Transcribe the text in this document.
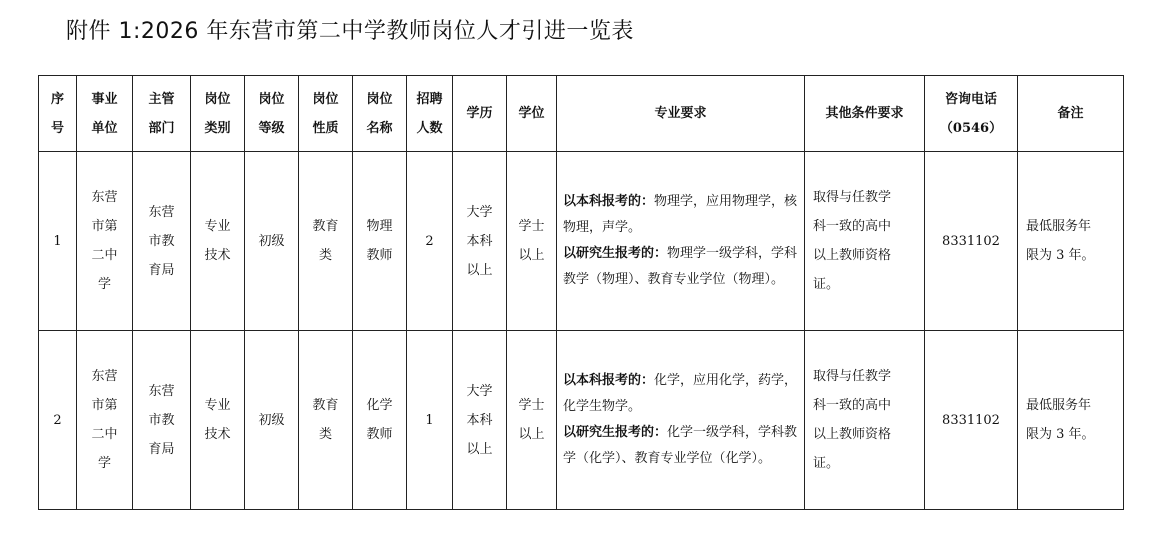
附件 1:2026 年东营市第二中学教师岗位人才引进一览表
序
号	事业
单位	主管
部门	岗位
类别	岗位
等级	岗位
性质	岗位
名称	招聘
人数	学历	学位	专业要求	其他条件要求	咨询电话
（0546）	备注

1	东营
市第
二中
学	东营
市教
育局	专业
技术	初级	教育
类	物理
教师	2	大学
本科
以上	学士
以上	以本科报考的：物理学，应用物理学，核物理，声学。
以研究生报考的：物理学一级学科，学科教学（物理）、教育专业学位（物理）。	取得与任教学
科一致的高中
以上教师资格
证。	8331102	最低服务年
限为 3 年。

2	东营
市第
二中
学	东营
市教
育局	专业
技术	初级	教育
类	化学
教师	1	大学
本科
以上	学士
以上	以本科报考的：化学，应用化学，药学，化学生物学。
以研究生报考的：化学一级学科，学科教学（化学）、教育专业学位（化学）。	取得与任教学
科一致的高中
以上教师资格
证。	8331102	最低服务年
限为 3 年。
